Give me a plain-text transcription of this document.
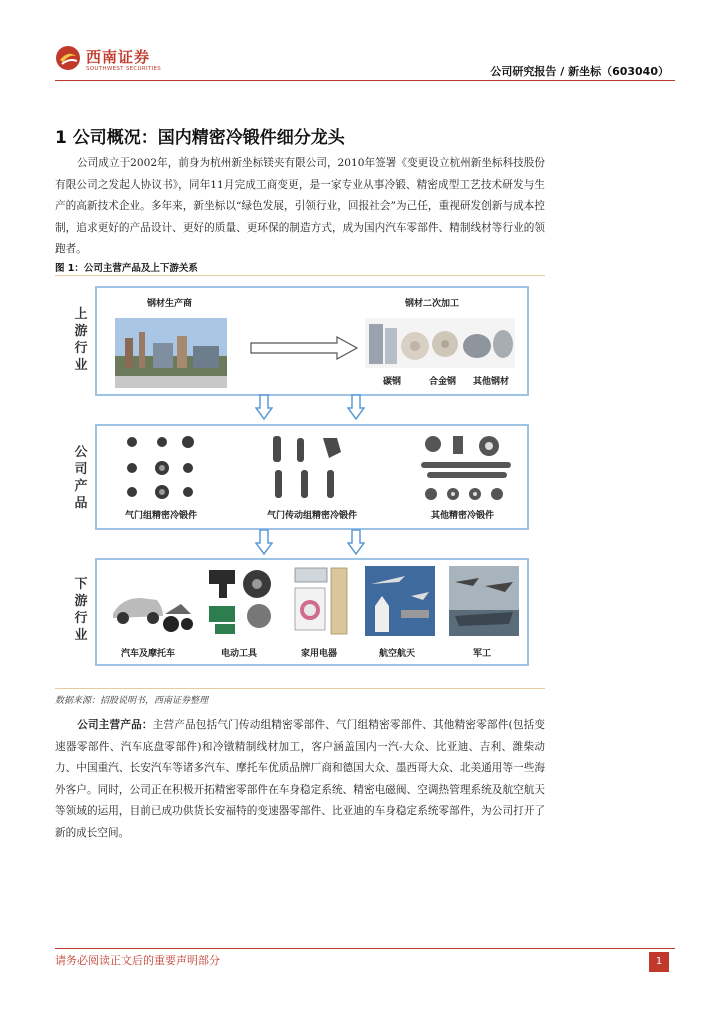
西南证券
SOUTHWEST SECURITIES	公司研究报告 / 新坐标（603040）
1 公司概况：国内精密冷锻件细分龙头
公司成立于2002年，前身为杭州新坐标镁夹有限公司，2010年签署《变更设立杭州新坐标科技股份有限公司之发起人协议书》，同年11月完成工商变更，是一家专业从事冷锻、精密成型工艺技术研发与生产的高新技术企业。多年来，新坐标以“绿色发展，引领行业，回报社会”为己任，重视研发创新与成本控制，追求更好的产品设计、更好的质量、更环保的制造方式，成为国内汽车零部件、精制线材等行业的领跑者。
图 1：公司主营产品及上下游关系
上游行业
钢材生产商	钢材二次加工
碳钢	合金钢 其他钢材
公司产品
气门组精密冷锻件	气门传动组精密冷锻件	其他精密冷锻件
下游行业
汽车及摩托车	电动工具	家用电器	航空航天	军工
数据来源：招股说明书，西南证券整理
公司主营产品：主营产品包括气门传动组精密零部件、气门组精密零部件、其他精密零部件(包括变速器零部件、汽车底盘零部件)和冷镦精制线材加工，客户涵盖国内一汽-大众、比亚迪、吉利、潍柴动力、中国重汽、长安汽车等诸多汽车、摩托车优质品牌厂商和德国大众、墨西哥大众、北美通用等一些海外客户。同时，公司正在积极开拓精密零部件在车身稳定系统、精密电磁阀、空调热管理系统及航空航天等领域的运用，目前已成功供货长安福特的变速器零部件、比亚迪的车身稳定系统零部件，为公司打开了新的成长空间。
请务必阅读正文后的重要声明部分	1
